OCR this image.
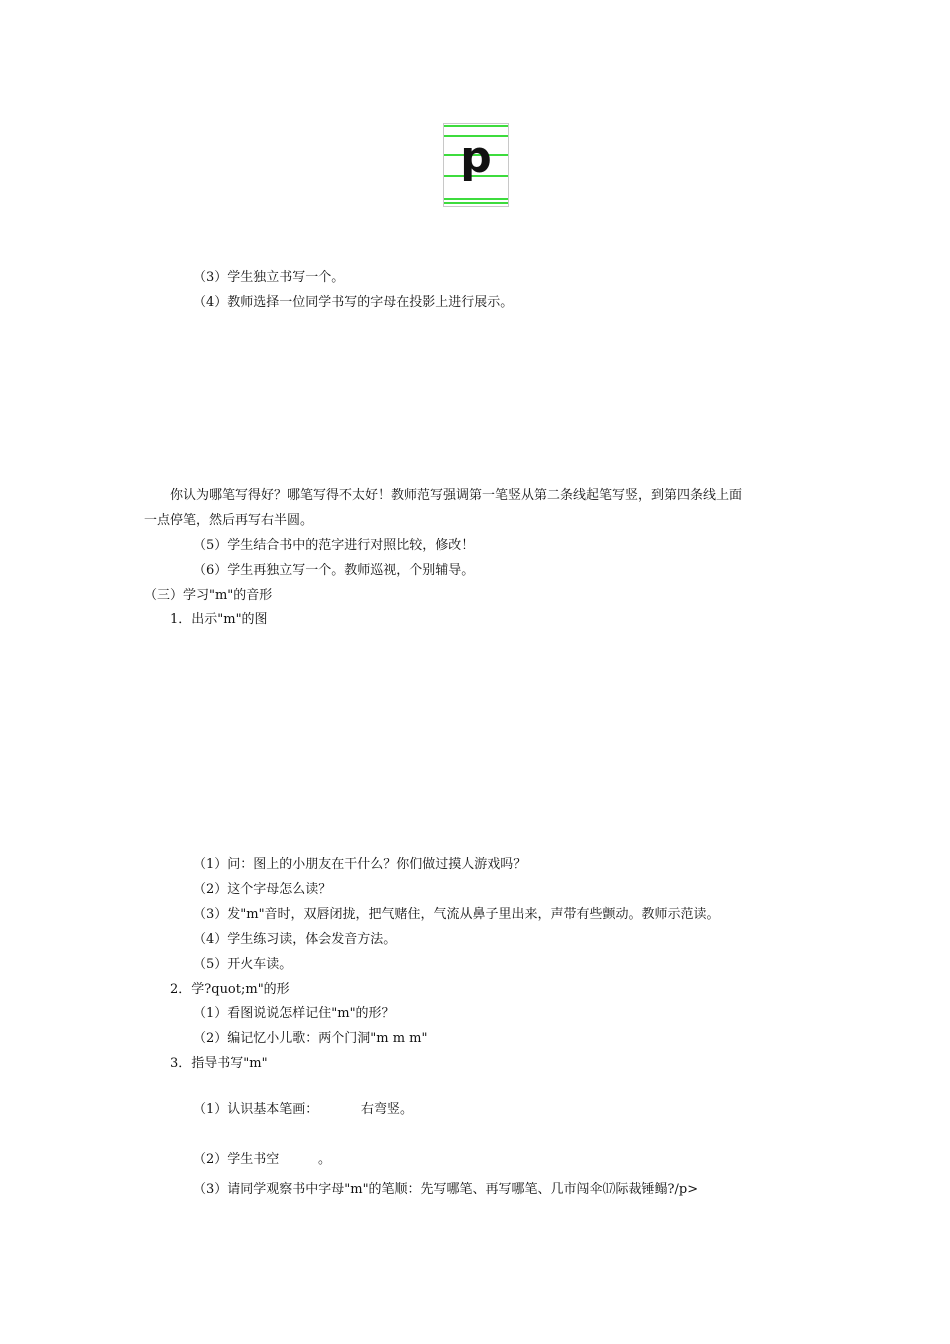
p
（3）学生独立书写一个。
（4）教师选择一位同学书写的字母在投影上进行展示。
你认为哪笔写得好？哪笔写得不太好！教师范写强调第一笔竖从第二条线起笔写竖，到第四条线上面
一点停笔，然后再写右半圆。
（5）学生结合书中的范字进行对照比较，修改！
（6）学生再独立写一个。教师巡视，个别辅导。
（三）学习"m"的音形
1．出示"m"的图
（1）问：图上的小朋友在干什么？你们做过摸人游戏吗？
（2）这个字母怎么读？
（3）发"m"音时，双唇闭拢，把气赌住，气流从鼻子里出来，声带有些颤动。教师示范读。
（4）学生练习读，体会发音方法。
（5）开火车读。
2．学?quot;m"的形
（1）看图说说怎样记住"m"的形？
（2）编记忆小儿歌：两个门洞"m m m"
3．指导书写"m"
（1）认识基本笔画：	右弯竖。
（2）学生书空	。
（3）请同学观察书中字母"m"的笔顺：先写哪笔、再写哪笔、几市闯伞⒄际裁锤鳎?/p>
